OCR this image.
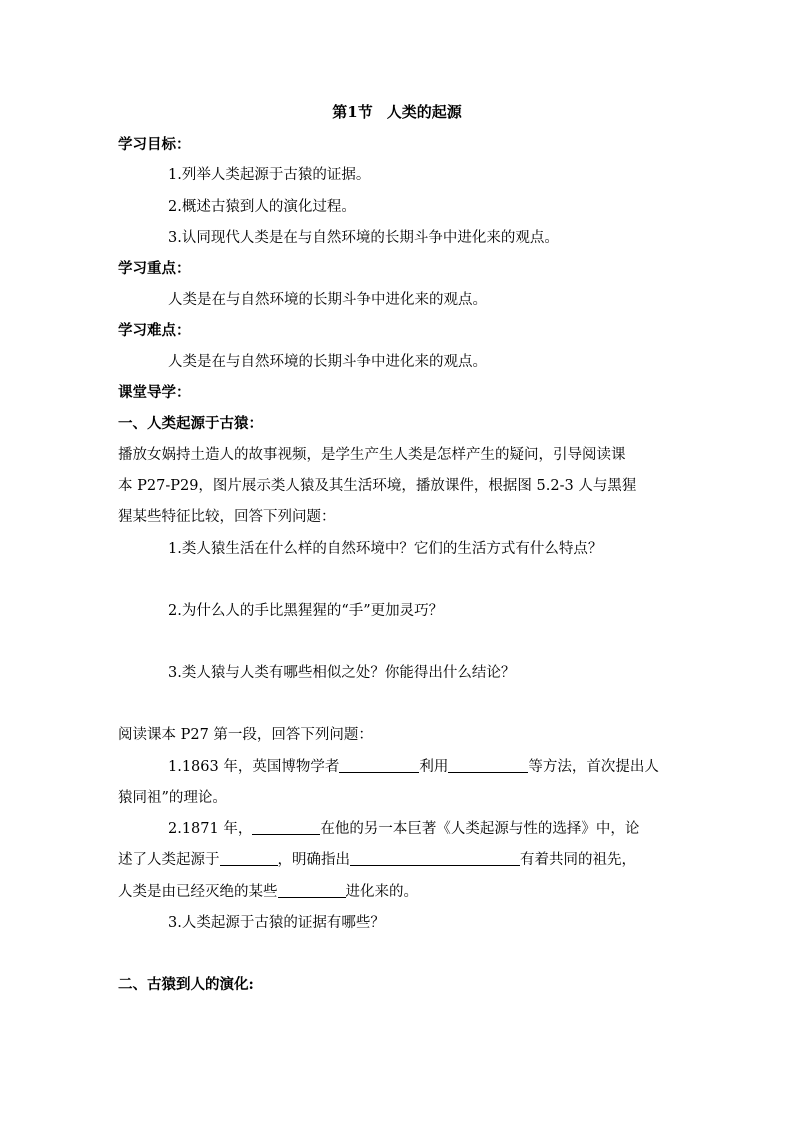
第1节 人类的起源
学习目标：
1.列举人类起源于古猿的证据。
2.概述古猿到人的演化过程。
3.认同现代人类是在与自然环境的长期斗争中进化来的观点。
学习重点：
人类是在与自然环境的长期斗争中进化来的观点。
学习难点：
人类是在与自然环境的长期斗争中进化来的观点。
课堂导学：
一、人类起源于古猿：
播放女娲持土造人的故事视频，是学生产生人类是怎样产生的疑问，引导阅读课
本 P27-P29，图片展示类人猿及其生活环境，播放课件，根据图 5.2-3 人与黑猩
猩某些特征比较，回答下列问题：
1.类人猿生活在什么样的自然环境中？它们的生活方式有什么特点？
2.为什么人的手比黑猩猩的“手”更加灵巧？
3.类人猿与人类有哪些相似之处？你能得出什么结论？
阅读课本 P27 第一段，回答下列问题：
1.1863 年，英国博物学者	利用	等方法，首次提出人
猿同祖”的理论。
2.1871 年，	在他的另一本巨著《人类起源与性的选择》中，论
述了人类起源于	，明确指出	有着共同的祖先，
人类是由已经灭绝的某些	进化来的。
3.人类起源于古猿的证据有哪些？
二、古猿到人的演化:
